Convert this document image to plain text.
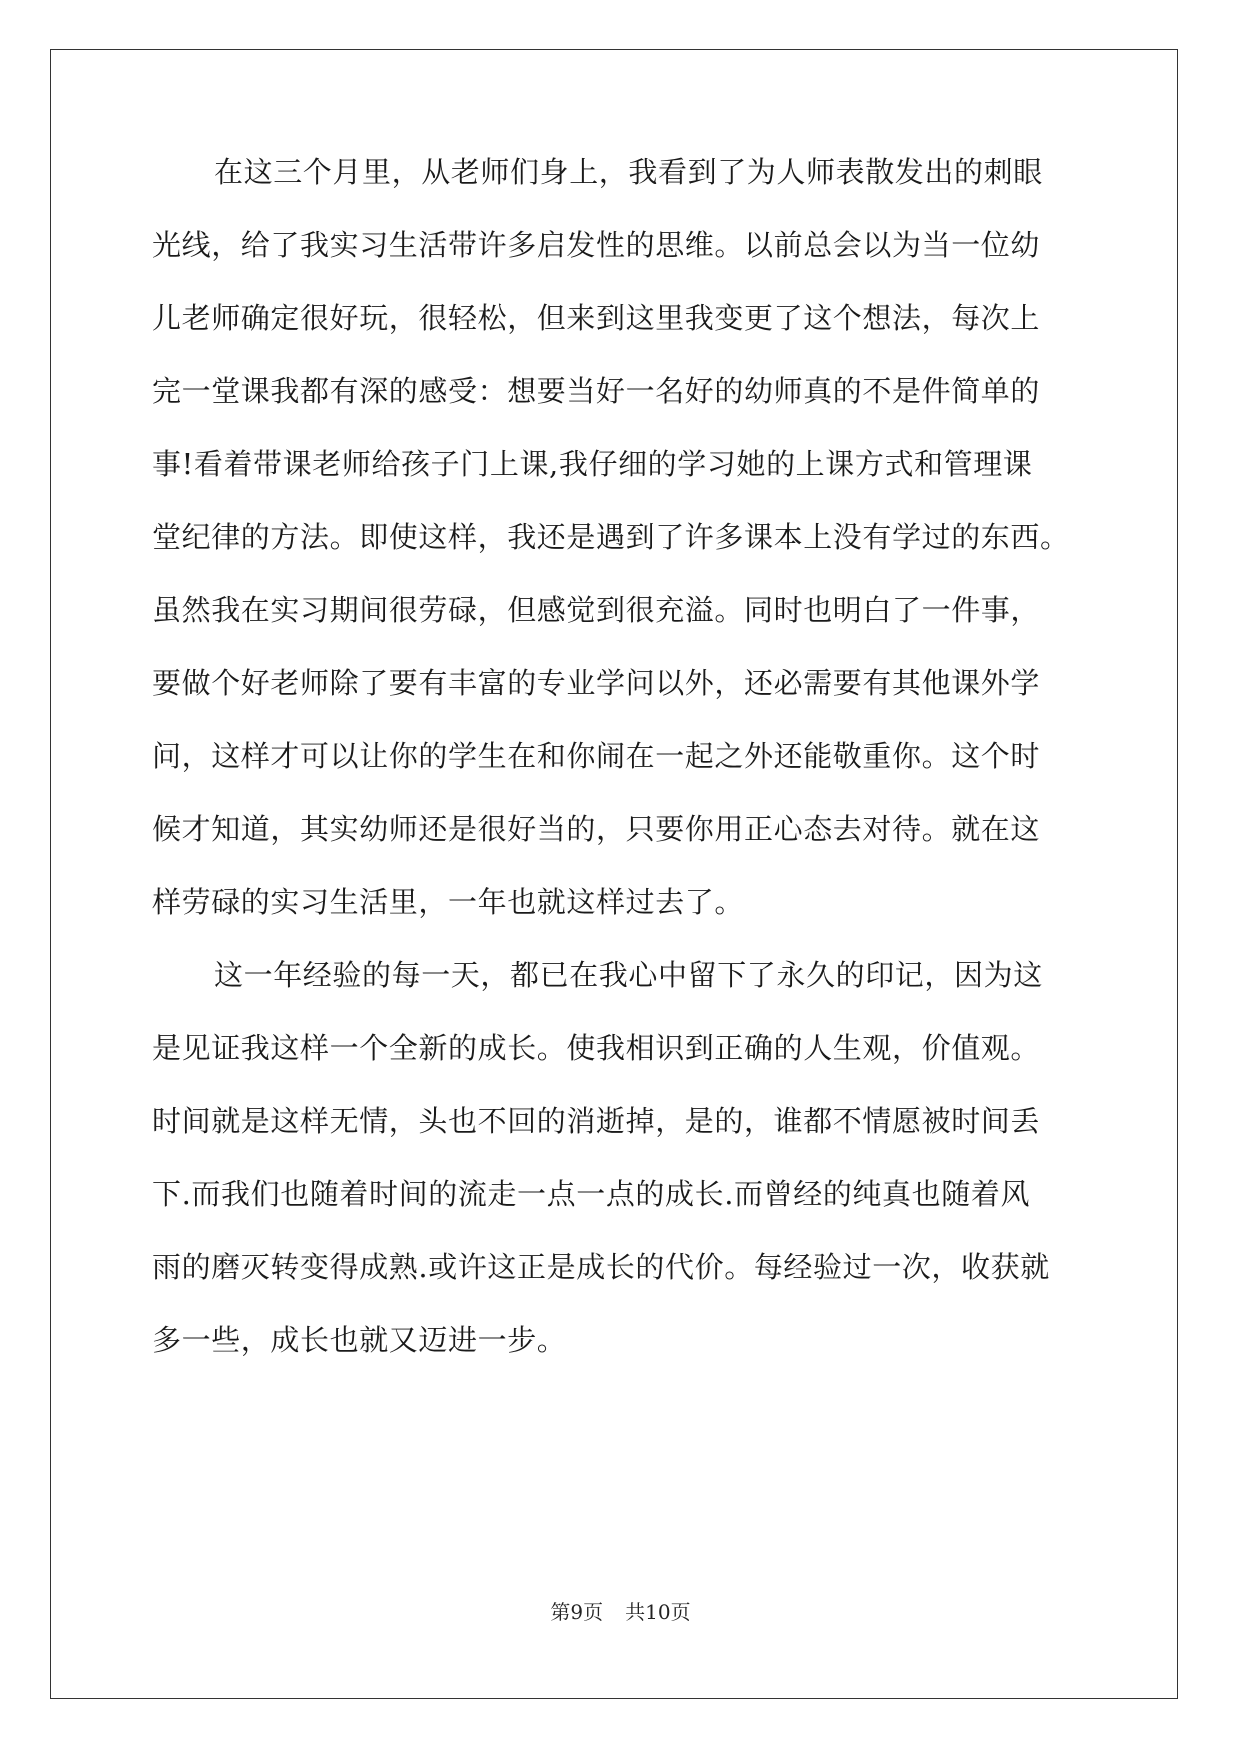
在这三个月里，从老师们身上，我看到了为人师表散发出的刺眼
光线，给了我实习生活带许多启发性的思维。以前总会以为当一位幼
儿老师确定很好玩，很轻松，但来到这里我变更了这个想法，每次上
完一堂课我都有深的感受：想要当好一名好的幼师真的不是件简单的
事!看着带课老师给孩子门上课,我仔细的学习她的上课方式和管理课
堂纪律的方法。即使这样，我还是遇到了许多课本上没有学过的东西。
虽然我在实习期间很劳碌，但感觉到很充溢。同时也明白了一件事，
要做个好老师除了要有丰富的专业学问以外，还必需要有其他课外学
问，这样才可以让你的学生在和你闹在一起之外还能敬重你。这个时
候才知道，其实幼师还是很好当的，只要你用正心态去对待。就在这
样劳碌的实习生活里，一年也就这样过去了。
这一年经验的每一天，都已在我心中留下了永久的印记，因为这
是见证我这样一个全新的成长。使我相识到正确的人生观，价值观。
时间就是这样无情，头也不回的消逝掉，是的，谁都不情愿被时间丢
下.而我们也随着时间的流走一点一点的成长.而曾经的纯真也随着风
雨的磨灭转变得成熟.或许这正是成长的代价。每经验过一次，收获就
多一些，成长也就又迈进一步。
第9页 共10页
